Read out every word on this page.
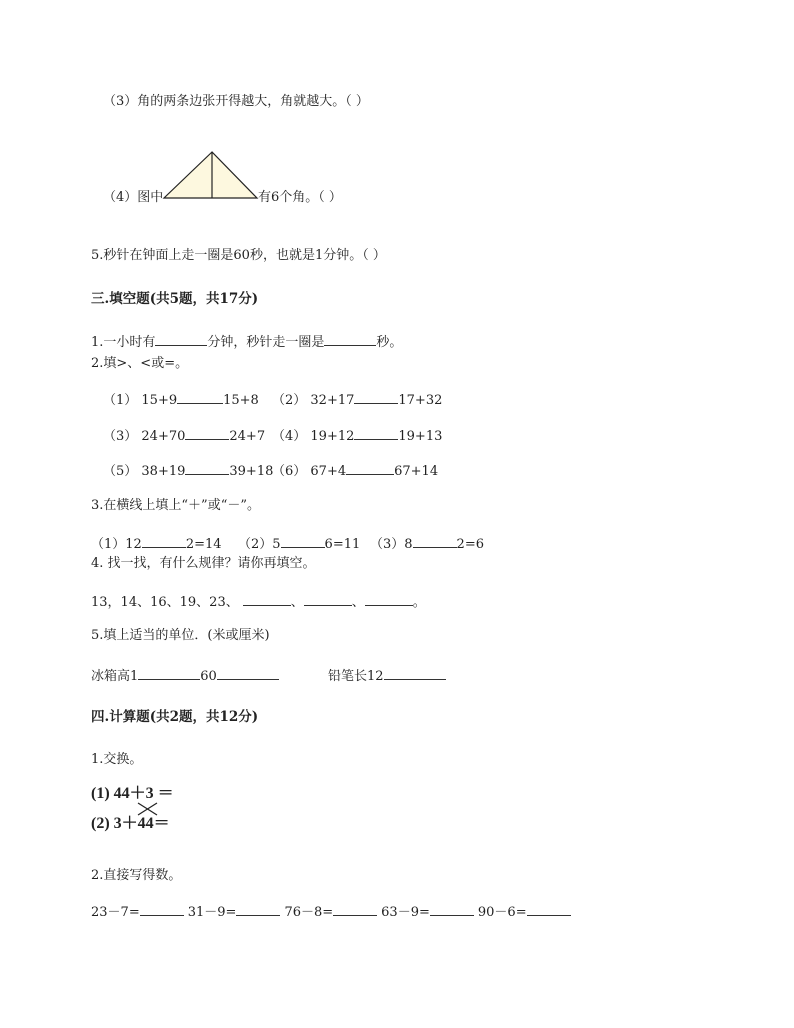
（3）角的两条边张开得越大，角就越大。（ ）
（4）图中	有6个角。（ ）
5.秒针在钟面上走一圈是60秒，也就是1分钟。（ ）
三.填空题(共5题，共17分)
1.一小时有	分钟，秒针走一圈是	秒。
2.填>、<或=。
（1） 15+9	15+8 （2） 32+17	17+32
（3） 24+70	24+7 （4） 19+12	19+13
（5） 38+19	39+18
（6） 67+4	67+14
3.在横线上填上“＋”或“－”。
（1）12	2=14 （2）5	6=11 （3）8	2=6
4. 找一找，有什么规律？请你再填空。
13，14、16、19、23、	、	、	。
5.填上适当的单位．(米或厘米)
冰箱高1	60	铅笔长12
四.计算题(共2题，共12分)
1.交换。
(1) 44＋3 ＝
(2) 3＋44＝
2.直接写得数。
23－7=	31－9=	76－8=	63－9=	90－6=
